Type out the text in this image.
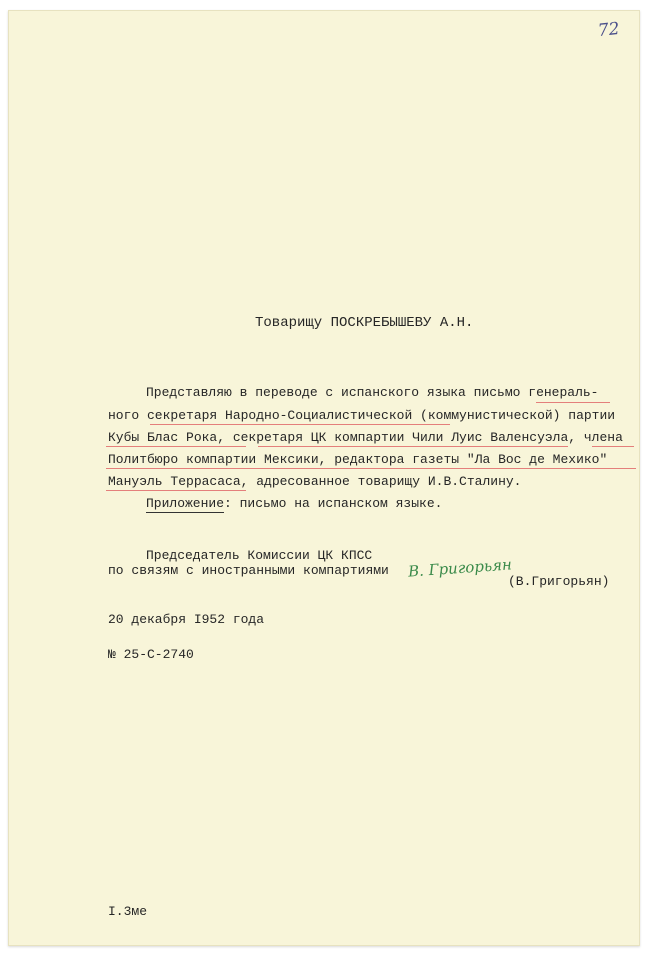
72
Товарищу ПОСКРЕБЫШЕВУ А.Н.
Представляю в переводе с испанского языка письмо генераль-
ного секретаря Народно-Социалистической (коммунистической) партии
Кубы Блас Рока, секретаря ЦК компартии Чили Луис Валенсуэла, члена
Политбюро компартии Мексики, редактора газеты "Ла Вос де Мехико"
Мануэль Террасаса, адресованное товарищу И.В.Сталину.
Приложение : письмо на испанском языке.
Председатель Комиссии ЦК КПСС
по связям с иностранными компартиями В. Григорьян
(В.Григорьян)
20 декабря I952 года
№ 25-С-2740
I.3ме
